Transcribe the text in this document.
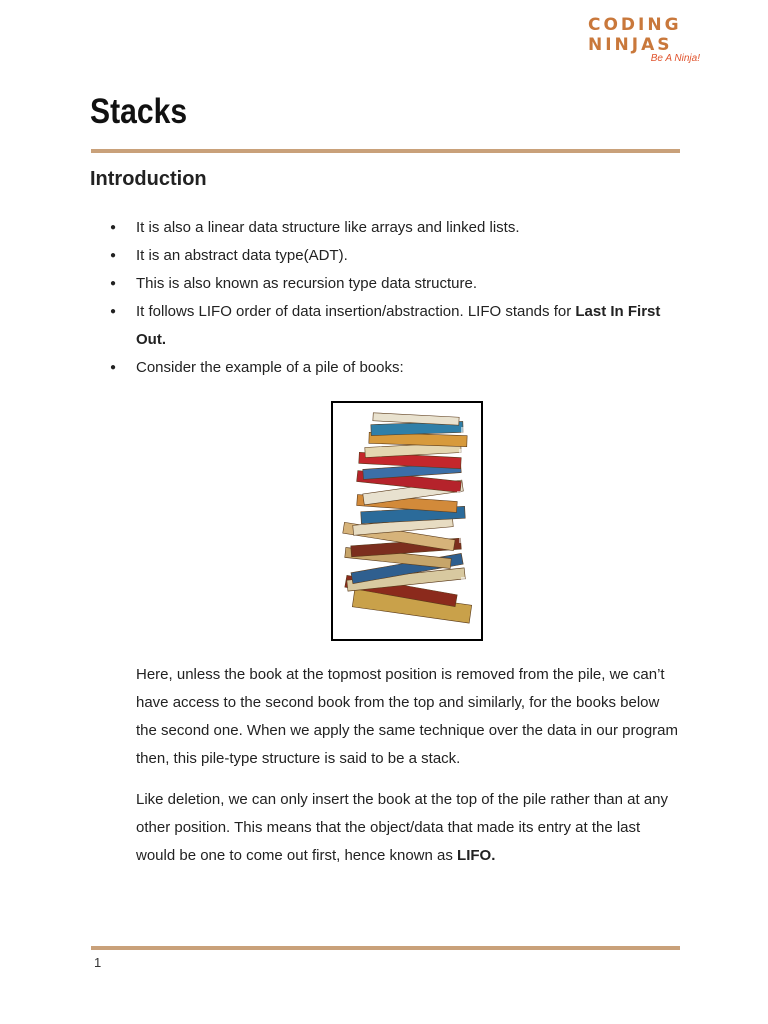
CODING
NINJAS
Be A Ninja!
Stacks
Introduction
● It is also a linear data structure like arrays and linked lists.
● It is an abstract data type(ADT).
● This is also known as recursion type data structure.
● It follows LIFO order of data insertion/abstraction. LIFO stands for Last In First Out.
● Consider the example of a pile of books:

Here, unless the book at the topmost position is removed from the pile, we can’t have access to the second book from the top and similarly, for the books below the second one. When we apply the same technique over the data in our program then, this pile-type structure is said to be a stack.

Like deletion, we can only insert the book at the top of the pile rather than at any other position. This means that the object/data that made its entry at the last would be one to come out first, hence known as LIFO.

1
